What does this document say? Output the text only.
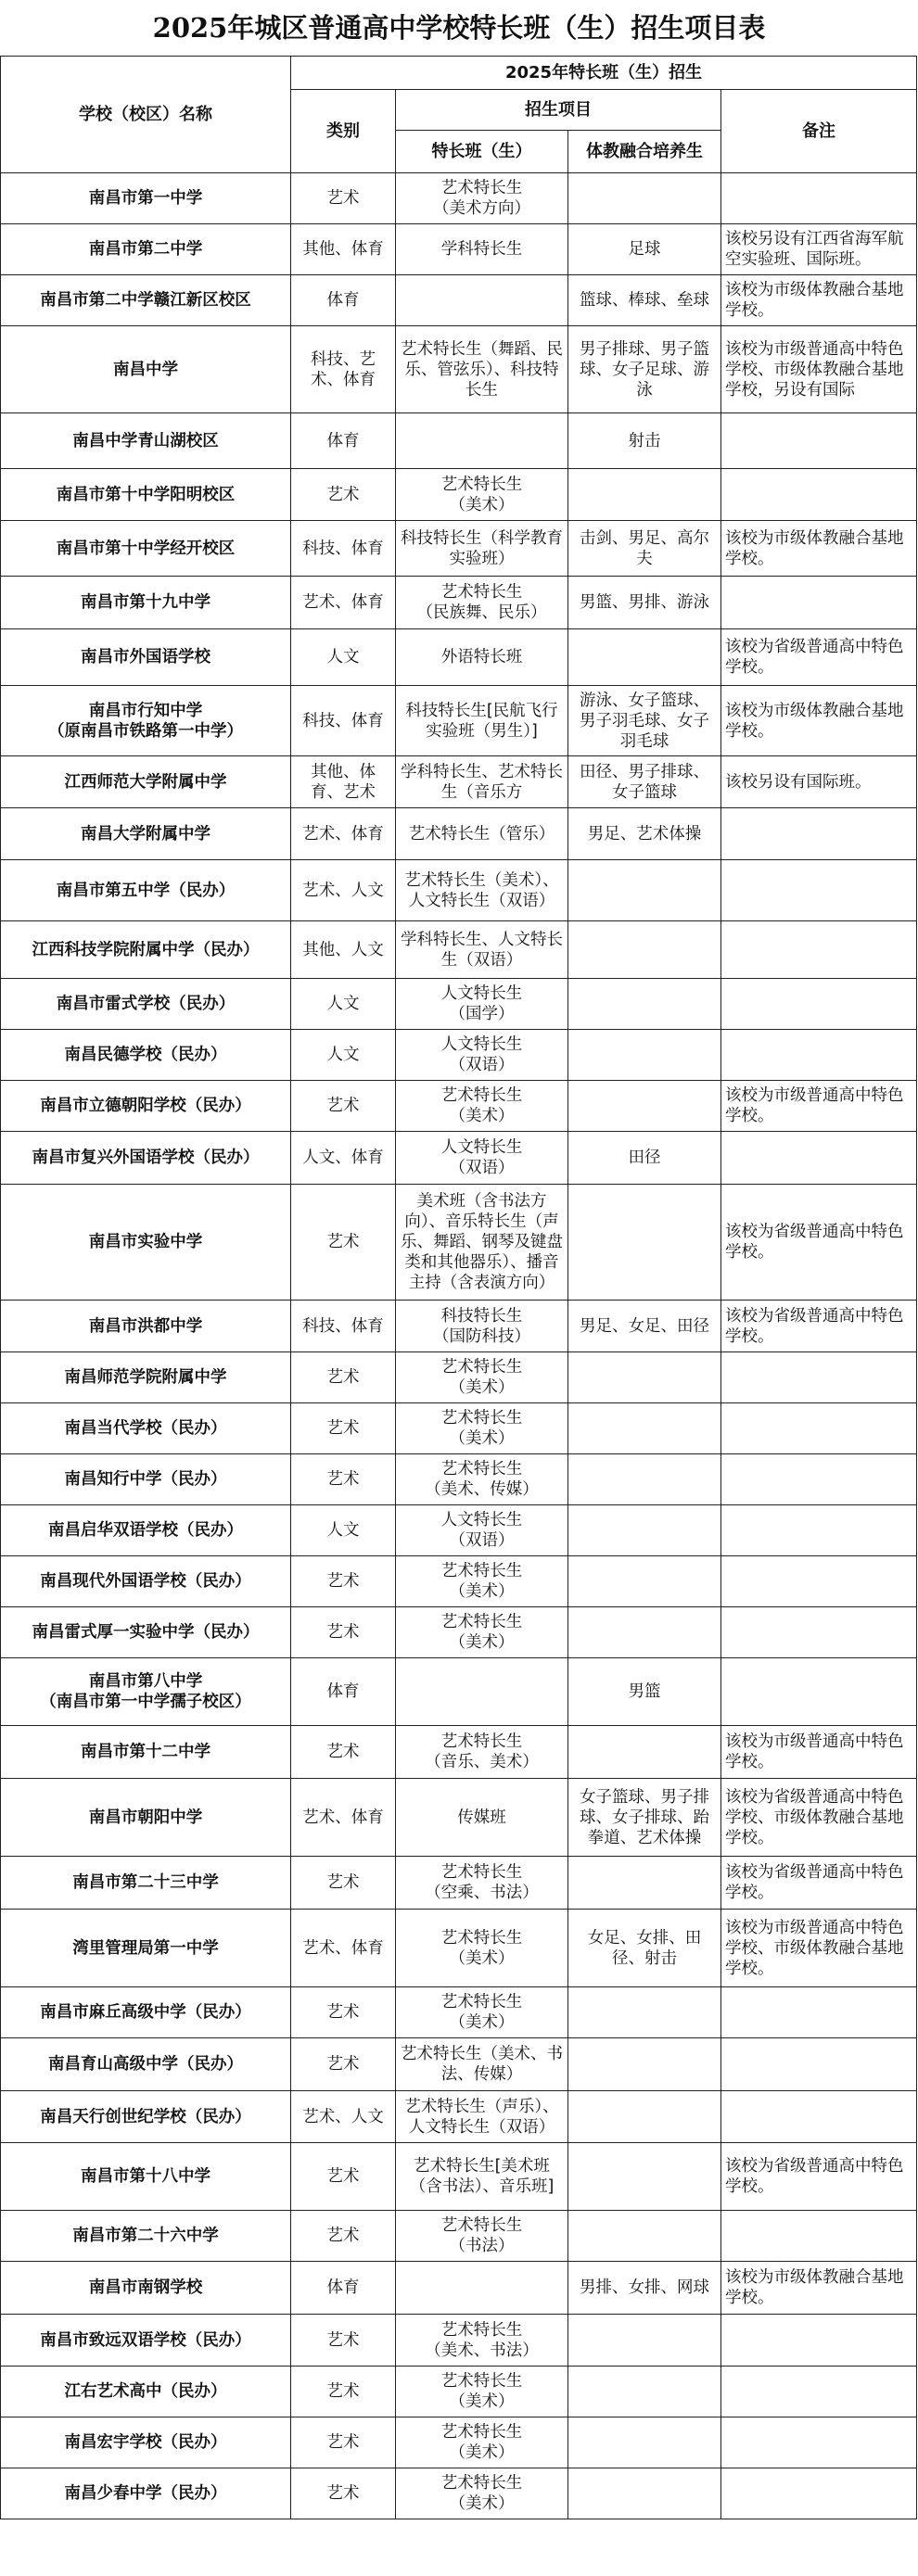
2025年城区普通高中学校特长班（生）招生项目表
学校（校区）名称	2025年特长班（生）招生			
	类别	招生项目		备注
		特长班（生）	体教融合培养生	

南昌市第一中学	艺术	艺术特长生
（美术方向）		

南昌市第二中学	其他、体育	学科特长生	足球	该校另设有江西省海军航空实验班、国际班。

南昌市第二中学赣江新区校区	体育		篮球、棒球、垒球	该校为市级体教融合基地学校。

南昌中学	科技、艺术、体育	艺术特长生（舞蹈、民乐、管弦乐）、科技特长生	男子排球、男子篮球、女子足球、游泳	该校为市级普通高中特色学校、市级体教融合基地学校，另设有国际

南昌中学青山湖校区	体育		射击	

南昌市第十中学阳明校区	艺术	艺术特长生
（美术）		

南昌市第十中学经开校区	科技、体育	科技特长生（科学教育实验班）	击剑、男足、高尔夫	该校为市级体教融合基地学校。

南昌市第十九中学	艺术、体育	艺术特长生
（民族舞、民乐）	男篮、男排、游泳	

南昌市外国语学校	人文	外语特长班		该校为省级普通高中特色学校。

南昌市行知中学
（原南昌市铁路第一中学）	科技、体育	科技特长生[民航飞行实验班（男生）]	游泳、女子篮球、男子羽毛球、女子羽毛球	该校为市级体教融合基地学校。

江西师范大学附属中学	其他、体育、艺术	学科特长生、艺术特长生（音乐方	田径、男子排球、女子篮球	该校另设有国际班。

南昌大学附属中学	艺术、体育	艺术特长生（管乐）	男足、艺术体操	

南昌市第五中学（民办）	艺术、人文	艺术特长生（美术）、人文特长生（双语）		

江西科技学院附属中学（民办）	其他、人文	学科特长生、人文特长生（双语）		

南昌市雷式学校（民办）	人文	人文特长生
（国学）		

南昌民德学校（民办）	人文	人文特长生
（双语）		

南昌市立德朝阳学校（民办）	艺术	艺术特长生
（美术）		该校为市级普通高中特色学校。

南昌市复兴外国语学校（民办）	人文、体育	人文特长生
（双语）	田径	

南昌市实验中学	艺术	美术班（含书法方向）、音乐特长生（声乐、舞蹈、钢琴及键盘类和其他器乐）、播音主持（含表演方向）		该校为省级普通高中特色学校。

南昌市洪都中学	科技、体育	科技特长生
（国防科技）	男足、女足、田径	该校为省级普通高中特色学校。

南昌师范学院附属中学	艺术	艺术特长生
（美术）		

南昌当代学校（民办）	艺术	艺术特长生
（美术）		

南昌知行中学（民办）	艺术	艺术特长生
（美术、传媒）		

南昌启华双语学校（民办）	人文	人文特长生
（双语）		

南昌现代外国语学校（民办）	艺术	艺术特长生
（美术）		

南昌雷式厚一实验中学（民办）	艺术	艺术特长生
（美术）		

南昌市第八中学
（南昌市第一中学孺子校区）	体育		男篮	

南昌市第十二中学	艺术	艺术特长生
（音乐、美术）		该校为市级普通高中特色学校。

南昌市朝阳中学	艺术、体育	传媒班	女子篮球、男子排球、女子排球、跆拳道、艺术体操	该校为省级普通高中特色学校、市级体教融合基地学校。

南昌市第二十三中学	艺术	艺术特长生
（空乘、书法）		该校为省级普通高中特色学校。

湾里管理局第一中学	艺术、体育	艺术特长生
（美术）	女足、女排、田径、射击	该校为市级普通高中特色学校、市级体教融合基地学校。

南昌市麻丘高级中学（民办）	艺术	艺术特长生
（美术）		

南昌育山高级中学（民办）	艺术	艺术特长生（美术、书法、传媒）		

南昌天行创世纪学校（民办）	艺术、人文	艺术特长生（声乐）、人文特长生（双语）		

南昌市第十八中学	艺术	艺术特长生[美术班（含书法）、音乐班]		该校为省级普通高中特色学校。

南昌市第二十六中学	艺术	艺术特长生
（书法）		

南昌市南钢学校	体育		男排、女排、网球	该校为市级体教融合基地学校。

南昌市致远双语学校（民办）	艺术	艺术特长生
（美术、书法）		

江右艺术高中（民办）	艺术	艺术特长生
（美术）		

南昌宏宇学校（民办）	艺术	艺术特长生
（美术）		

南昌少春中学（民办）	艺术	艺术特长生
（美术）		
